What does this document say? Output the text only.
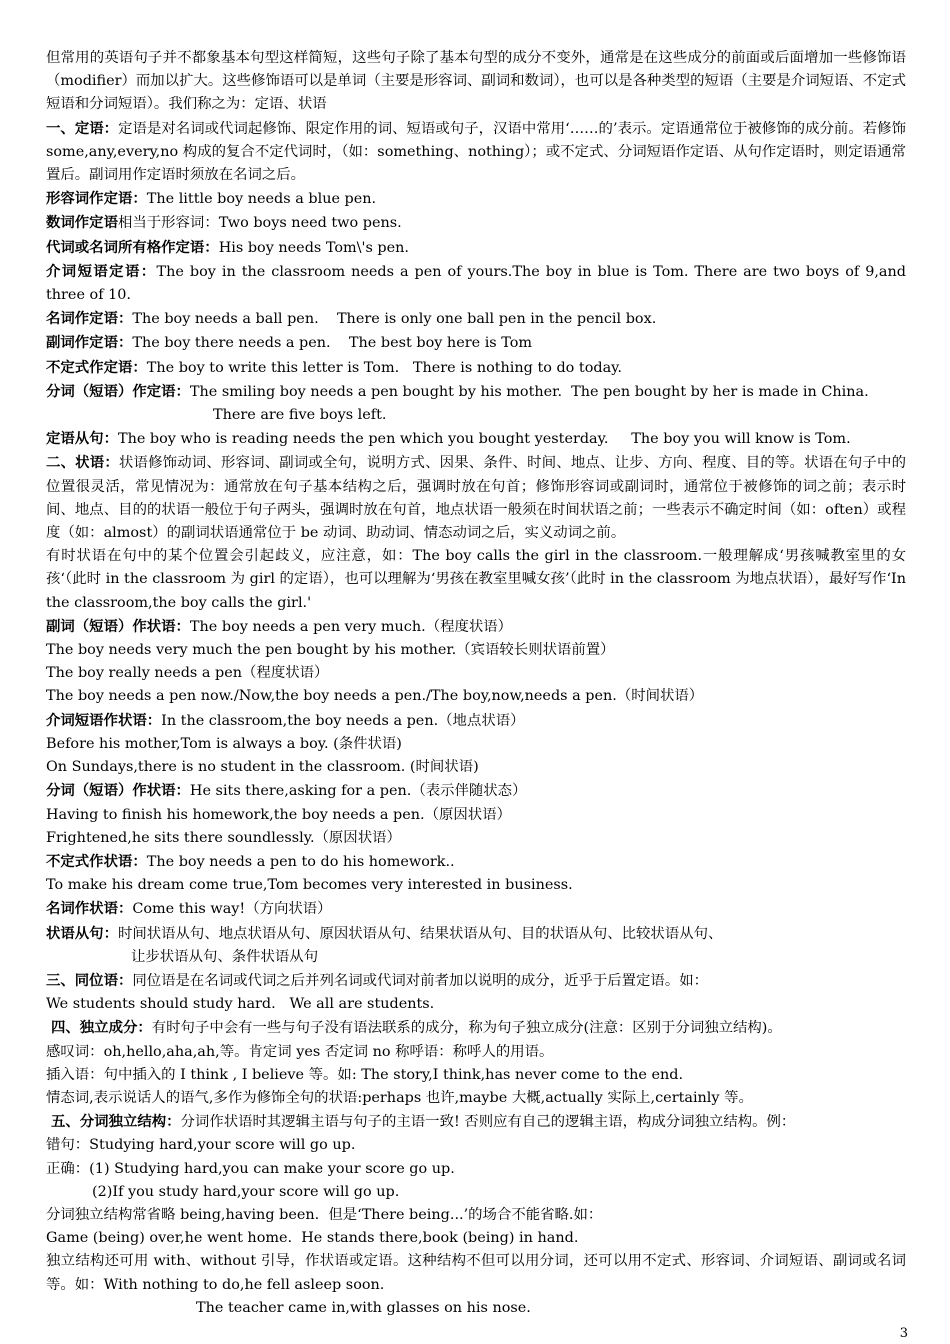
但常用的英语句子并不都象基本句型这样简短，这些句子除了基本句型的成分不变外，通常是在这些成分的前面或后面增加一些修饰语（modifier）而加以扩大。这些修饰语可以是单词（主要是形容词、副词和数词），也可以是各种类型的短语（主要是介词短语、不定式短语和分词短语）。我们称之为：定语、状语

一、定语：定语是对名词或代词起修饰、限定作用的词、短语或句子，汉语中常用‘……的’表示。定语通常位于被修饰的成分前。若修饰 some,any,every,no 构成的复合不定代词时，（如：something、nothing）；或不定式、分词短语作定语、从句作定语时，则定语通常置后。副词用作定语时须放在名词之后。

形容词作定语：The little boy needs a blue pen.

数词作定语相当于形容词：Two boys need two pens.

代词或名词所有格作定语：His boy needs Tom\'s pen.

介词短语定语：The boy in the classroom needs a pen of yours.The boy in blue is Tom. There are two boys of 9,and three of 10.

名词作定语：The boy needs a ball pen.    There is only one ball pen in the pencil box.

副词作定语：The boy there needs a pen.    The best boy here is Tom

不定式作定语：The boy to write this letter is Tom.   There is nothing to do today.

分词（短语）作定语：The smiling boy needs a pen bought by his mother.  The pen bought by her is made in China.

There are five boys left.

定语从句：The boy who is reading needs the pen which you bought yesterday.     The boy you will know is Tom.

二、状语：状语修饰动词、形容词、副词或全句，说明方式、因果、条件、时间、地点、让步、方向、程度、目的等。状语在句子中的位置很灵活，常见情况为：通常放在句子基本结构之后，强调时放在句首；修饰形容词或副词时，通常位于被修饰的词之前；表示时间、地点、目的的状语一般位于句子两头，强调时放在句首，地点状语一般须在时间状语之前；一些表示不确定时间（如：often）或程度（如：almost）的副词状语通常位于 be 动词、助动词、情态动词之后，实义动词之前。

有时状语在句中的某个位置会引起歧义，应注意，如：The boy calls the girl in the classroom.一般理解成‘男孩喊教室里的女孩‘（此时 in the classroom 为 girl 的定语），也可以理解为‘男孩在教室里喊女孩’（此时 in the classroom 为地点状语），最好写作‘In the classroom,the boy calls the girl.'

副词（短语）作状语：The boy needs a pen very much.（程度状语）

The boy needs very much the pen bought by his mother.（宾语较长则状语前置）

The boy really needs a pen（程度状语）

The boy needs a pen now./Now,the boy needs a pen./The boy,now,needs a pen.（时间状语）

介词短语作状语：In the classroom,the boy needs a pen.（地点状语）

Before his mother,Tom is always a boy. (条件状语)

On Sundays,there is no student in the classroom. (时间状语)

分词（短语）作状语：He sits there,asking for a pen.（表示伴随状态）

Having to finish his homework,the boy needs a pen.（原因状语）

Frightened,he sits there soundlessly.（原因状语）

不定式作状语：The boy needs a pen to do his homework..

To make his dream come true,Tom becomes very interested in business.

名词作状语：Come this way!（方向状语）

状语从句：时间状语从句、地点状语从句、原因状语从句、结果状语从句、目的状语从句、比较状语从句、

让步状语从句、条件状语从句

三、同位语：同位语是在名词或代词之后并列名词或代词对前者加以说明的成分，近乎于后置定语。如：

We students should study hard.   We all are students.

四、独立成分：有时句子中会有一些与句子没有语法联系的成分，称为句子独立成分(注意：区别于分词独立结构)。

感叹词：oh,hello,aha,ah,等。肯定词 yes 否定词 no 称呼语：称呼人的用语。

插入语：句中插入的 I think , I believe 等。如: The story,I think,has never come to the end.

情态词,表示说话人的语气,多作为修饰全句的状语:perhaps 也许,maybe 大概,actually 实际上,certainly 等。

五、分词独立结构：分词作状语时其逻辑主语与句子的主语一致! 否则应有自己的逻辑主语，构成分词独立结构。例：

错句：Studying hard,your score will go up.

正确：(1) Studying hard,you can make your score go up.

(2)If you study hard,your score will go up.

分词独立结构常省略 being,having been.  但是‘There being...’的场合不能省略.如：

Game (being) over,he went home.  He stands there,book (being) in hand.

独立结构还可用 with、without 引导，作状语或定语。这种结构不但可以用分词，还可以用不定式、形容词、介词短语、副词或名词等。如：With nothing to do,he fell asleep soon.

The teacher came in,with glasses on his nose.

3
